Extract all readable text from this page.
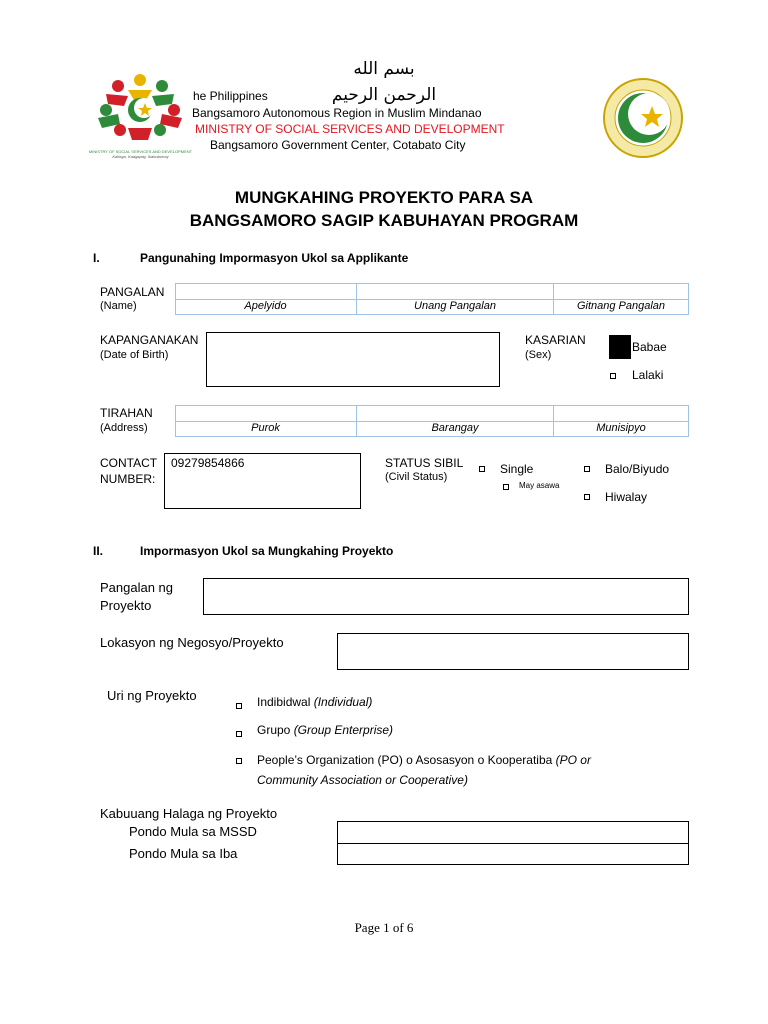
بسم الله الرحمن الرحيم
MINISTRY OF SOCIAL SERVICES AND DEVELOPMENT
Kalinga, Kaagapay, Ikabubuhay
he Philippines
Bangsamoro Autonomous Region in Muslim Mindanao
MINISTRY OF SOCIAL SERVICES AND DEVELOPMENT
Bangsamoro Government Center, Cotabato City
MUNGKAHING PROYEKTO PARA SA
BANGSAMORO SAGIP KABUHAYAN PROGRAM
I.	Pangunahing Impormasyon Ukol sa Applikante
PANGALAN
(Name)	Apelyido	Unang Pangalan	Gitnang Pangalan
KAPANGANAKAN
(Date of Birth)
KASARIAN
(Sex)
Babae
Lalaki
TIRAHAN
(Address)	Purok	Barangay	Munisipyo
CONTACT
NUMBER:
09279854866	STATUS SIBIL
(Civil Status)
Single
May asawa
Balo/Biyudo
Hiwalay
II.	Impormasyon Ukol sa Mungkahing Proyekto
Pangalan ng
Proyekto
Lokasyon ng Negosyo/Proyekto
Uri ng Proyekto	Indibidwal (Individual)
Grupo (Group Enterprise)
People’s Organization (PO) o Asosasyon o Kooperatiba (PO or
Community Association or Cooperative)
Kabuuang Halaga ng Proyekto
Pondo Mula sa MSSD
Pondo Mula sa Iba
Page 1 of 6
